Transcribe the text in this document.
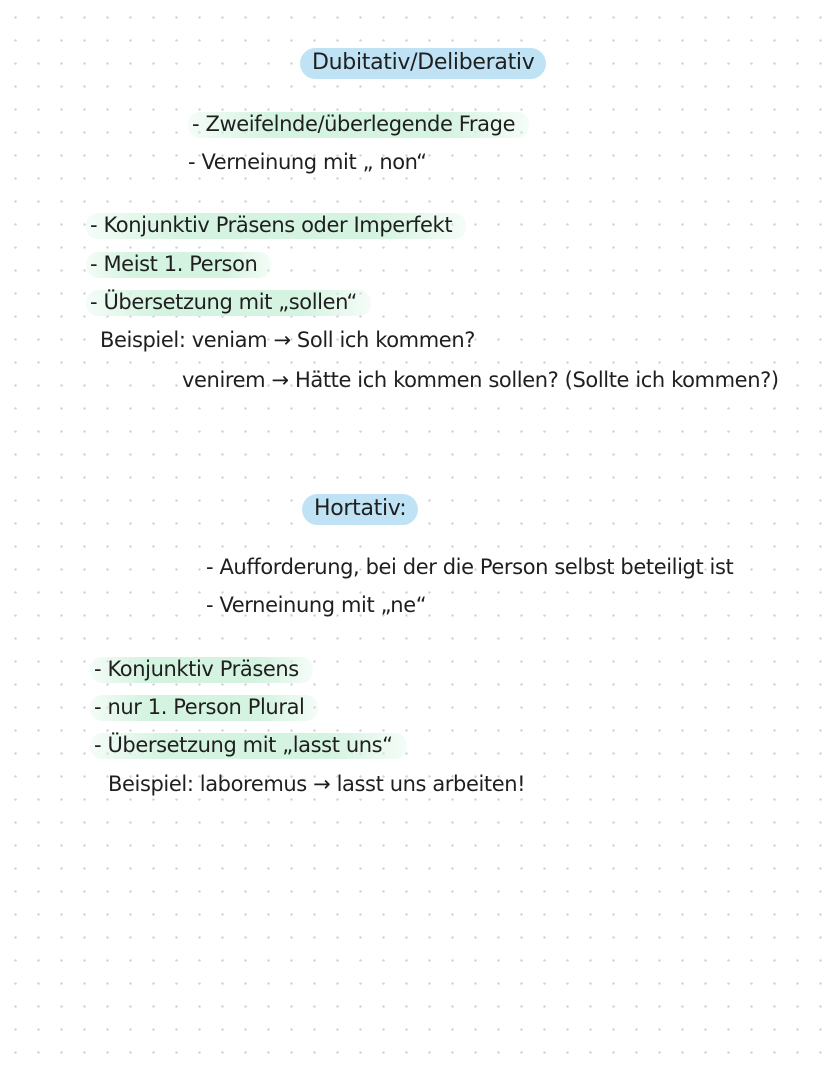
Dubitativ/Deliberativ
- Zweifelnde/überlegende Frage
- Verneinung mit „ non“
- Konjunktiv Präsens oder Imperfekt
- Meist 1. Person
- Übersetzung mit „sollen“
Beispiel: veniam → Soll ich kommen?
venirem → Hätte ich kommen sollen? (Sollte ich kommen?)
Hortativ:
- Aufforderung, bei der die Person selbst beteiligt ist
- Verneinung mit „ne“
- Konjunktiv Präsens
- nur 1. Person Plural
- Übersetzung mit „lasst uns“
Beispiel: laboremus → lasst uns arbeiten!
